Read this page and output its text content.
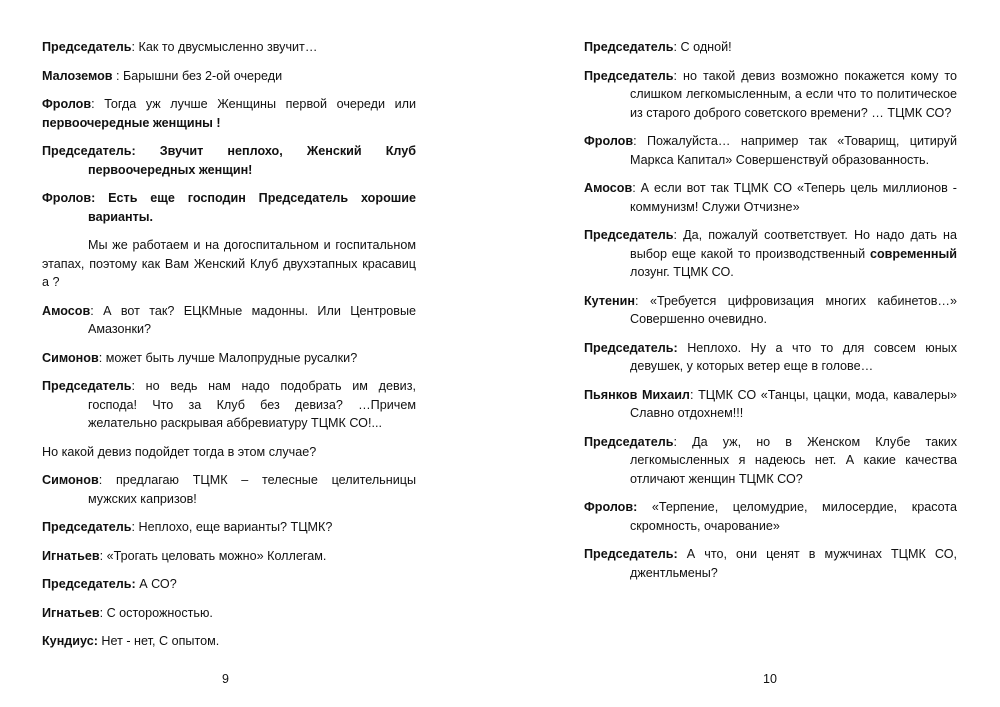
Председатель: Как то двусмысленно звучит…

Малоземов : Барышни без 2-ой очереди

Фролов: Тогда уж лучше Женщины первой очереди или первоочередные женщины !

Председатель: Звучит неплохо, Женский Клуб первоочередных женщин!

Фролов: Есть еще господин Председатель хорошие варианты.

Мы же работаем и на догоспитальном и госпитальном этапах, поэтому как Вам Женский Клуб двухэтапных красавиц а ?

Амосов: А вот так? ЕЦКМные мадонны. Или Центровые Амазонки?

Симонов: может быть лучше Малопрудные русалки?

Председатель: но ведь нам надо подобрать им девиз, господа! Что за Клуб без девиза? …Причем желательно раскрывая аббревиатуру ТЦМК СО!...

Но какой девиз подойдет тогда в этом случае?

Симонов: предлагаю ТЦМК – телесные целительницы мужских капризов!

Председатель: Неплохо, еще варианты? ТЦМК?

Игнатьев: «Трогать целовать можно» Коллегам.

Председатель: А СО?

Игнатьев: С осторожностью.

Кундиус: Нет - нет, С опытом.

9

Председатель: С одной!

Председатель: но такой девиз возможно покажется кому то слишком легкомысленным, а если что то политическое из старого доброго советского времени? … ТЦМК СО?

Фролов: Пожалуйста… например так «Товарищ, цитируй Маркса Капитал» Совершенствуй образованность.

Амосов: А если вот так ТЦМК СО «Теперь цель миллионов - коммунизм! Служи Отчизне»

Председатель: Да, пожалуй соответствует. Но надо дать на выбор еще какой то производственный современный лозунг. ТЦМК СО.

Кутенин: «Требуется цифровизация многих кабинетов…» Совершенно очевидно.

Председатель: Неплохо. Ну а что то для совсем юных девушек, у которых ветер еще в голове…

Пьянков Михаил: ТЦМК СО «Танцы, цацки, мода, кавалеры» Славно отдохнем!!!

Председатель: Да уж, но в Женском Клубе таких легкомысленных я надеюсь нет. А какие качества отличают женщин ТЦМК СО?

Фролов: «Терпение, целомудрие, милосердие, красота скромность, очарование»

Председатель: А что, они ценят в мужчинах ТЦМК СО, джентльмены?

10
